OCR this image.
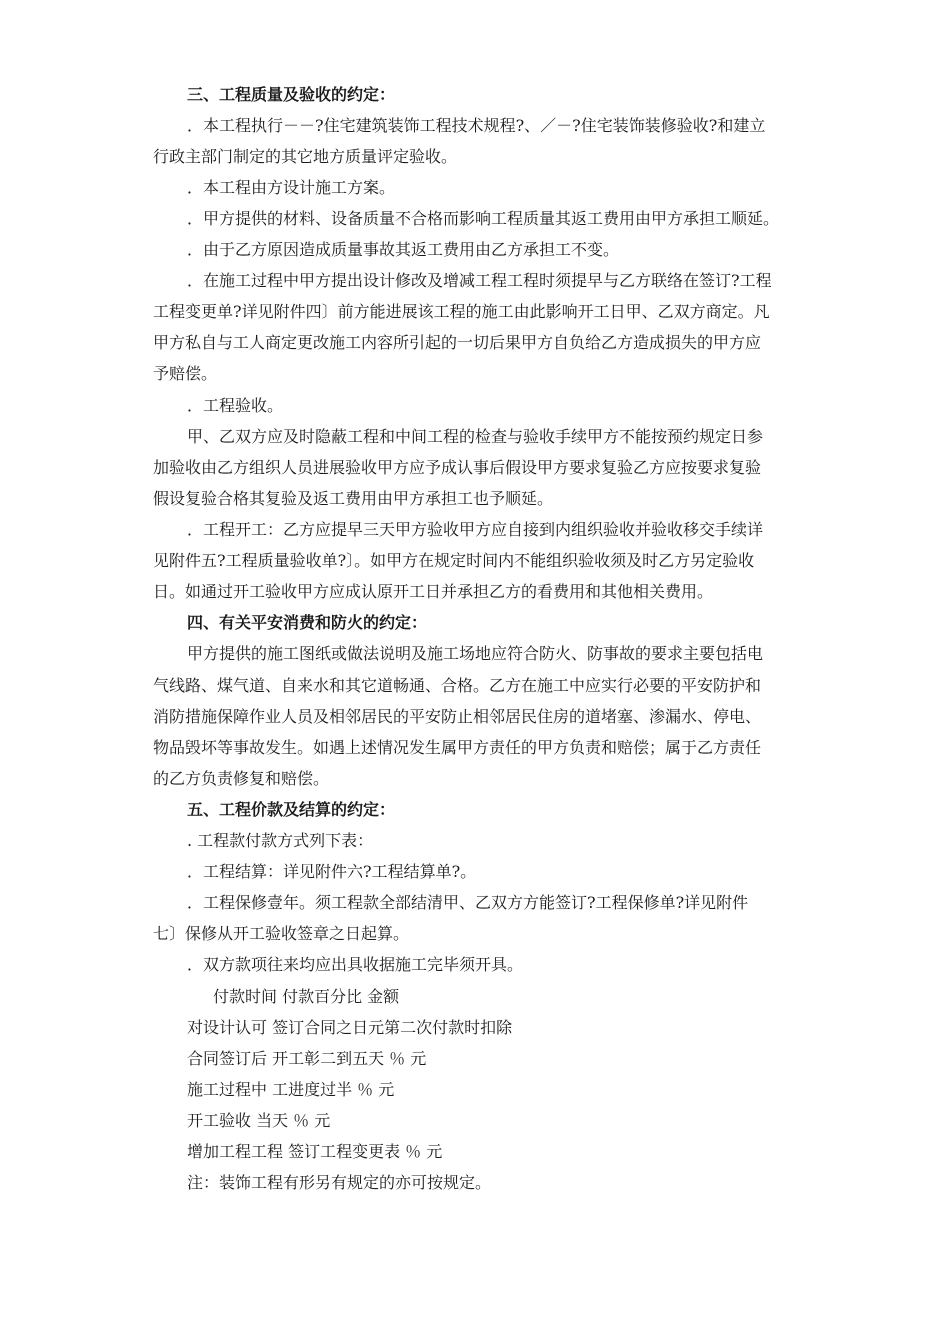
三、工程质量及验收的约定：
．本工程执行－－?住宅建筑装饰工程技术规程?、／－?住宅装饰装修验收?和建立
行政主部门制定的其它地方质量评定验收。
．本工程由方设计施工方案。
．甲方提供的材料、设备质量不合格而影响工程质量其返工费用由甲方承担工顺延。
．由于乙方原因造成质量事故其返工费用由乙方承担工不变。
．在施工过程中甲方提出设计修改及增减工程工程时须提早与乙方联络在签订?工程
工程变更单?详见附件四〕前方能进展该工程的施工由此影响开工日甲、乙双方商定。凡
甲方私自与工人商定更改施工内容所引起的一切后果甲方自负给乙方造成损失的甲方应
予赔偿。
．工程验收。
甲、乙双方应及时隐蔽工程和中间工程的检查与验收手续甲方不能按预约规定日参
加验收由乙方组织人员进展验收甲方应予成认事后假设甲方要求复验乙方应按要求复验
假设复验合格其复验及返工费用由甲方承担工也予顺延。
．工程开工：乙方应提早三天甲方验收甲方应自接到内组织验收并验收移交手续详
见附件五?工程质量验收单?〕。如甲方在规定时间内不能组织验收须及时乙方另定验收
日。如通过开工验收甲方应成认原开工日并承担乙方的看费用和其他相关费用。
四、有关平安消费和防火的约定：
甲方提供的施工图纸或做法说明及施工场地应符合防火、防事故的要求主要包括电
气线路、煤气道、自来水和其它道畅通、合格。乙方在施工中应实行必要的平安防护和
消防措施保障作业人员及相邻居民的平安防止相邻居民住房的道堵塞、渗漏水、停电、
物品毁坏等事故发生。如遇上述情况发生属甲方责任的甲方负责和赔偿；属于乙方责任
的乙方负责修复和赔偿。
五、工程价款及结算的约定：
. 工程款付款方式列下表：
．工程结算：详见附件六?工程结算单?。
．工程保修壹年。须工程款全部结清甲、乙双方方能签订?工程保修单?详见附件
七〕保修从开工验收签章之日起算。
．双方款项往来均应出具收据施工完毕须开具。
付款时间 付款百分比 金额
对设计认可 签订合同之日元第二次付款时扣除
合同签订后 开工彰二到五天 ％ 元
施工过程中 工进度过半 ％ 元
开工验收 当天 ％ 元
增加工程工程 签订工程变更表 ％ 元
注：装饰工程有形另有规定的亦可按规定。
